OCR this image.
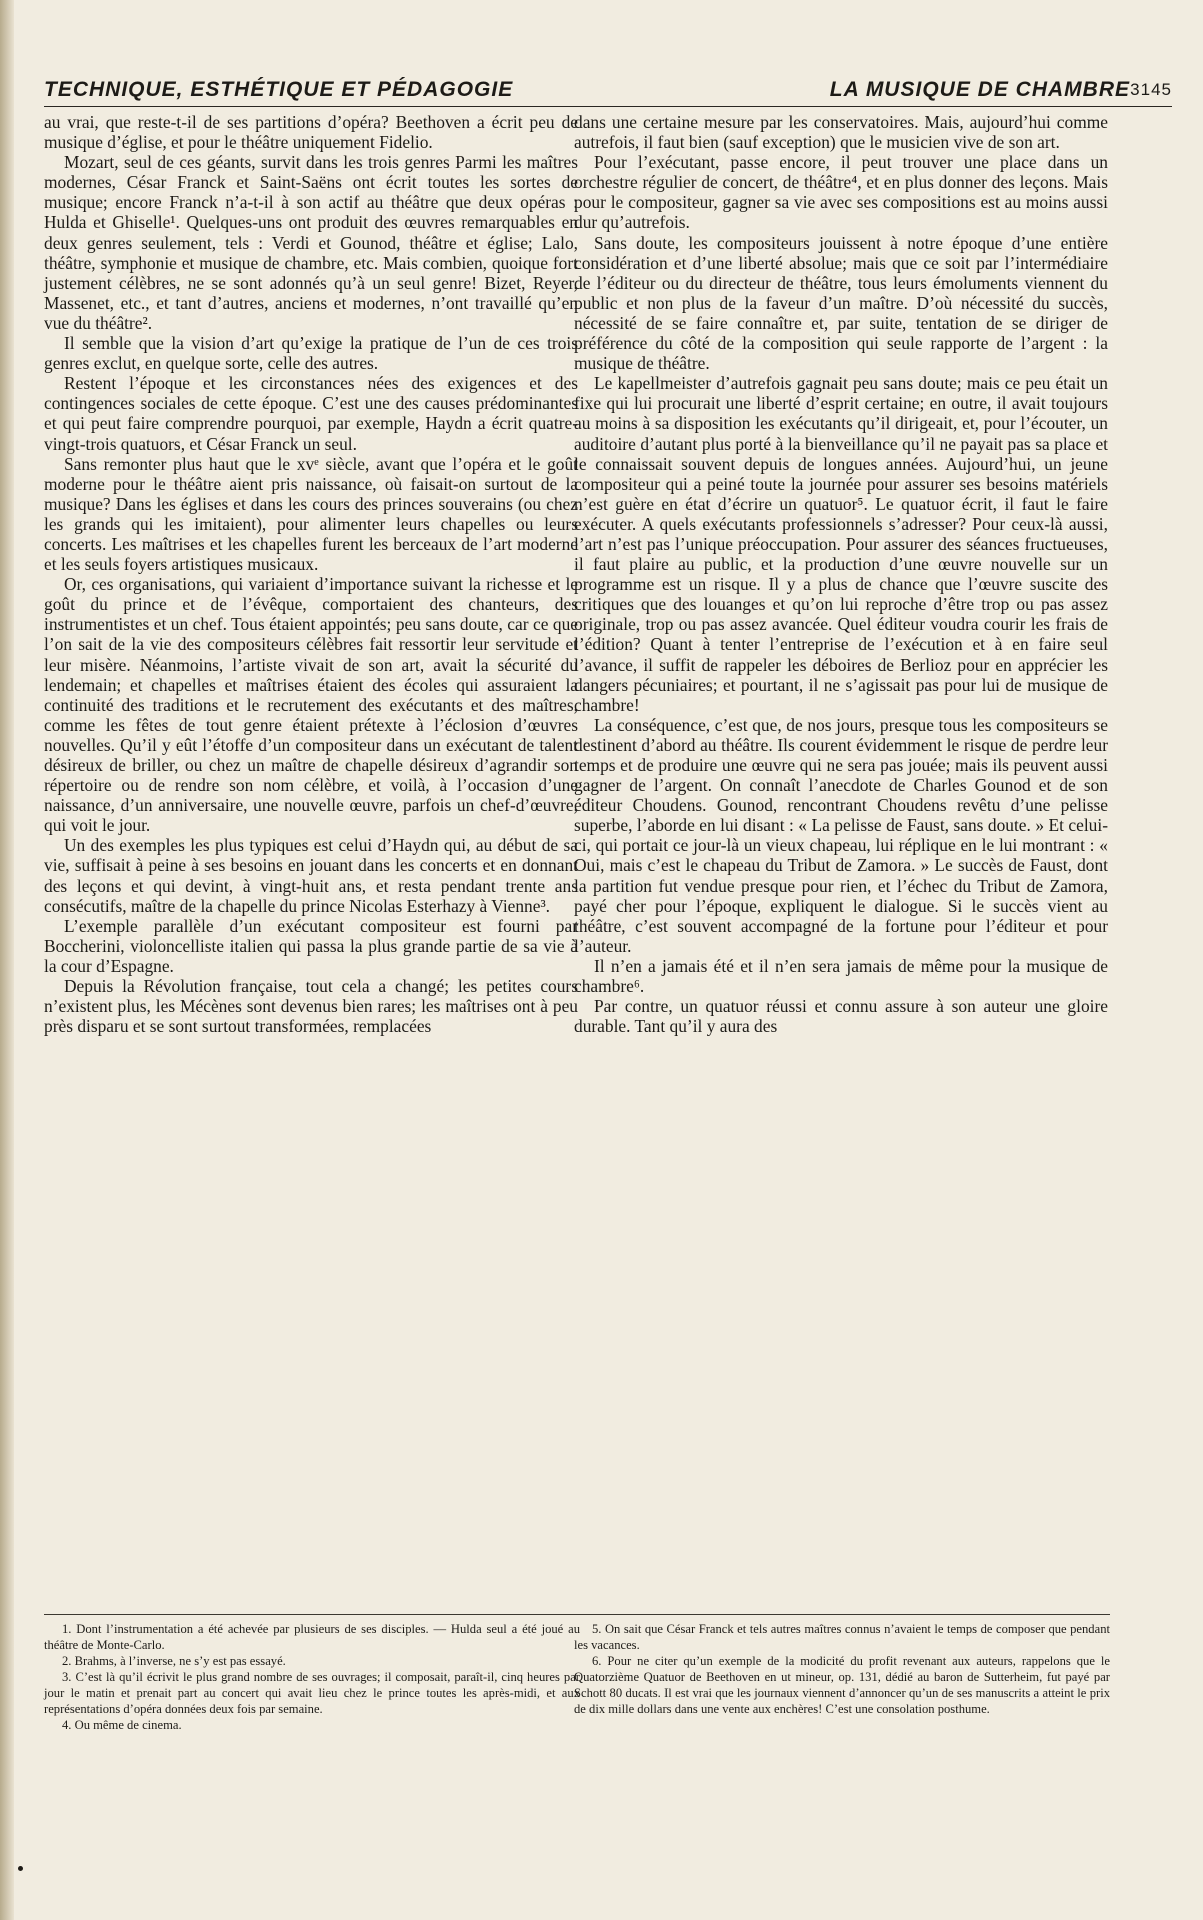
TECHNIQUE, ESTHÉTIQUE ET PÉDAGOGIE	LA MUSIQUE DE CHAMBRE 3145

au vrai, que reste-t-il de ses partitions d’opéra? Beethoven a écrit peu de musique d’église, et pour le théâtre uniquement Fidelio.

Mozart, seul de ces géants, survit dans les trois genres Parmi les maîtres modernes, César Franck et Saint-Saëns ont écrit toutes les sortes de musique; encore Franck n’a-t-il à son actif au théâtre que deux opéras : Hulda et Ghiselle¹. Quelques-uns ont produit des œuvres remarquables en deux genres seulement, tels : Verdi et Gounod, théâtre et église; Lalo, théâtre, symphonie et musique de chambre, etc. Mais combien, quoique fort justement célèbres, ne se sont adonnés qu’à un seul genre! Bizet, Reyer, Massenet, etc., et tant d’autres, anciens et modernes, n’ont travaillé qu’en vue du théâtre².

Il semble que la vision d’art qu’exige la pratique de l’un de ces trois genres exclut, en quelque sorte, celle des autres.

Restent l’époque et les circonstances nées des exigences et des contingences sociales de cette époque. C’est une des causes prédominantes et qui peut faire comprendre pourquoi, par exemple, Haydn a écrit quatre-vingt-trois quatuors, et César Franck un seul.

Sans remonter plus haut que le xvᵉ siècle, avant que l’opéra et le goût moderne pour le théâtre aient pris naissance, où faisait-on surtout de la musique? Dans les églises et dans les cours des princes souverains (ou chez les grands qui les imitaient), pour alimenter leurs chapelles ou leurs concerts. Les maîtrises et les chapelles furent les berceaux de l’art moderne et les seuls foyers artistiques musicaux.

Or, ces organisations, qui variaient d’importance suivant la richesse et le goût du prince et de l’évêque, comportaient des chanteurs, des instrumentistes et un chef. Tous étaient appointés; peu sans doute, car ce que l’on sait de la vie des compositeurs célèbres fait ressortir leur servitude et leur misère. Néanmoins, l’artiste vivait de son art, avait la sécurité du lendemain; et chapelles et maîtrises étaient des écoles qui assuraient la continuité des traditions et le recrutement des exécutants et des maîtres, comme les fêtes de tout genre étaient prétexte à l’éclosion d’œuvres nouvelles. Qu’il y eût l’étoffe d’un compositeur dans un exécutant de talent désireux de briller, ou chez un maître de chapelle désireux d’agrandir son répertoire ou de rendre son nom célèbre, et voilà, à l’occasion d’une naissance, d’un anniversaire, une nouvelle œuvre, parfois un chef-d’œuvre, qui voit le jour.

Un des exemples les plus typiques est celui d’Haydn qui, au début de sa vie, suffisait à peine à ses besoins en jouant dans les concerts et en donnant des leçons et qui devint, à vingt-huit ans, et resta pendant trente ans consécutifs, maître de la chapelle du prince Nicolas Esterhazy à Vienne³.

L’exemple parallèle d’un exécutant compositeur est fourni par Boccherini, violoncelliste italien qui passa la plus grande partie de sa vie à la cour d’Espagne.

Depuis la Révolution française, tout cela a changé; les petites cours n’existent plus, les Mécènes sont devenus bien rares; les maîtrises ont à peu près disparu et se sont surtout transformées, remplacées

dans une certaine mesure par les conservatoires. Mais, aujourd’hui comme autrefois, il faut bien (sauf exception) que le musicien vive de son art.

Pour l’exécutant, passe encore, il peut trouver une place dans un orchestre régulier de concert, de théâtre⁴, et en plus donner des leçons. Mais pour le compositeur, gagner sa vie avec ses compositions est au moins aussi dur qu’autrefois.

Sans doute, les compositeurs jouissent à notre époque d’une entière considération et d’une liberté absolue; mais que ce soit par l’intermédiaire de l’éditeur ou du directeur de théâtre, tous leurs émoluments viennent du public et non plus de la faveur d’un maître. D’où nécessité du succès, nécessité de se faire connaître et, par suite, tentation de se diriger de préférence du côté de la composition qui seule rapporte de l’argent : la musique de théâtre.

Le kapellmeister d’autrefois gagnait peu sans doute; mais ce peu était un fixe qui lui procurait une liberté d’esprit certaine; en outre, il avait toujours au moins à sa disposition les exécutants qu’il dirigeait, et, pour l’écouter, un auditoire d’autant plus porté à la bienveillance qu’il ne payait pas sa place et le connaissait souvent depuis de longues années. Aujourd’hui, un jeune compositeur qui a peiné toute la journée pour assurer ses besoins matériels n’est guère en état d’écrire un quatuor⁵. Le quatuor écrit, il faut le faire exécuter. A quels exécutants professionnels s’adresser? Pour ceux-là aussi, l’art n’est pas l’unique préoccupation. Pour assurer des séances fructueuses, il faut plaire au public, et la production d’une œuvre nouvelle sur un programme est un risque. Il y a plus de chance que l’œuvre suscite des critiques que des louanges et qu’on lui reproche d’être trop ou pas assez originale, trop ou pas assez avancée. Quel éditeur voudra courir les frais de l’édition? Quant à tenter l’entreprise de l’exécution et à en faire seul l’avance, il suffit de rappeler les déboires de Berlioz pour en apprécier les dangers pécuniaires; et pourtant, il ne s’agissait pas pour lui de musique de chambre!

La conséquence, c’est que, de nos jours, presque tous les compositeurs se destinent d’abord au théâtre. Ils courent évidemment le risque de perdre leur temps et de produire une œuvre qui ne sera pas jouée; mais ils peuvent aussi gagner de l’argent. On connaît l’anecdote de Charles Gounod et de son éditeur Choudens. Gounod, rencontrant Choudens revêtu d’une pelisse superbe, l’aborde en lui disant : « La pelisse de Faust, sans doute. » Et celui-ci, qui portait ce jour-là un vieux chapeau, lui réplique en le lui montrant : « Oui, mais c’est le chapeau du Tribut de Zamora. » Le succès de Faust, dont la partition fut vendue presque pour rien, et l’échec du Tribut de Zamora, payé cher pour l’époque, expliquent le dialogue. Si le succès vient au théâtre, c’est souvent accompagné de la fortune pour l’éditeur et pour l’auteur.

Il n’en a jamais été et il n’en sera jamais de même pour la musique de chambre⁶.

Par contre, un quatuor réussi et connu assure à son auteur une gloire durable. Tant qu’il y aura des

1. Dont l’instrumentation a été achevée par plusieurs de ses disciples. — Hulda seul a été joué au théâtre de Monte-Carlo.

2. Brahms, à l’inverse, ne s’y est pas essayé.

3. C’est là qu’il écrivit le plus grand nombre de ses ouvrages; il composait, paraît-il, cinq heures par jour le matin et prenait part au concert qui avait lieu chez le prince toutes les après-midi, et aux représentations d’opéra données deux fois par semaine.

4. Ou même de cinema.

5. On sait que César Franck et tels autres maîtres connus n’avaient le temps de composer que pendant les vacances.

6. Pour ne citer qu’un exemple de la modicité du profit revenant aux auteurs, rappelons que le Quatorzième Quatuor de Beethoven en ut mineur, op. 131, dédié au baron de Sutterheim, fut payé par Schott 80 ducats. Il est vrai que les journaux viennent d’annoncer qu’un de ses manuscrits a atteint le prix de dix mille dollars dans une vente aux enchères! C’est une consolation posthume.
